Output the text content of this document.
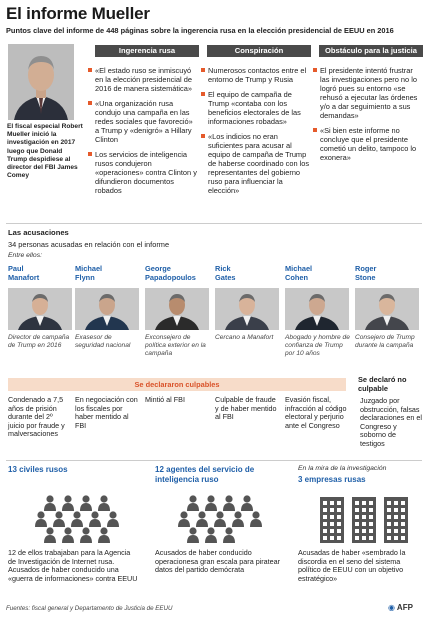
El informe Mueller
Puntos clave del informe de 448 páginas sobre la ingerencia rusa en la elección presidencial de EEUU en 2016
El fiscal especial Robert Mueller inició la investigación en 2017 luego que Donald Trump despidiese al director del FBI James Comey
Ingerencia rusa	Conspiración	Obstáculo para la justicia
«El estado ruso se inmiscuyó en la elección presidencial de 2016 de manera sistemática»
«Una organización rusa condujo una campaña en las redes sociales que favoreció» a Trump y «denigró» a Hillary Clinton
Los servicios de inteligencia rusos condujeron «operaciones» contra Clinton y difundieron documentos robados
Numerosos contactos entre el entorno de Trump y Rusia
El equipo de campaña de Trump «contaba con los beneficios electorales de las informaciones robadas»
«Los indicios no eran suficientes para acusar al equipo de campaña de Trump de haberse coordinado con los representantes del gobierno ruso para influenciar la elección»
El presidente intentó frustrar las investigaciones pero no lo logró pues su entorno «se rehusó a ejecutar las órdenes y/o a dar seguimiento a sus demandas»
«Si bien este informe no concluye que el presidente cometió un delito, tampoco lo exonera»
Las acusaciones
34 personas acusadas en relación con el informe
Entre ellos:
Paul
Manafort
Director de campaña de Trump en 2016
Michael
Flynn
Exasesor de seguridad nacional
George
Papadopoulos
Exconsejero de política exterior en la campaña
Rick
Gates
Cercano a Manafort
Michael
Cohen
Abogado y hombre de confianza de Trump por 10 años
Roger
Stone
Consejero de Trump durante la campaña
Se declararon culpables
Se declaró no culpable
Condenado a 7,5 años de prisión durante del 2º juicio por fraude y malversaciones
En negociación con los fiscales por haber mentido al FBI
Mintió al FBI	Culpable de fraude y de haber mentido al FBI
Evasión fiscal, infracción al código electoral y perjurio ante el Congreso
Juzgado por obstrucción, falsas declaraciones en el Congreso y soborno de testigos
13 civiles rusos
12 de ellos trabajaban para la Agencia de Investigación de Internet rusa. Acusados de haber conducido una «guerra de informaciones» contra EEUU
12 agentes del servicio de inteligencia ruso
Acusados de haber conducido operacionesa gran escala para piratear datos del partido demócrata
En la mira de la investigación
3 empresas rusas
Acusadas de haber «sembrado la discordia en el seno del sistema político de EEUU con un objetivo estratégico»
Fuentes: fiscal general y Departamento de Justicia de EEUU	◉ AFP
